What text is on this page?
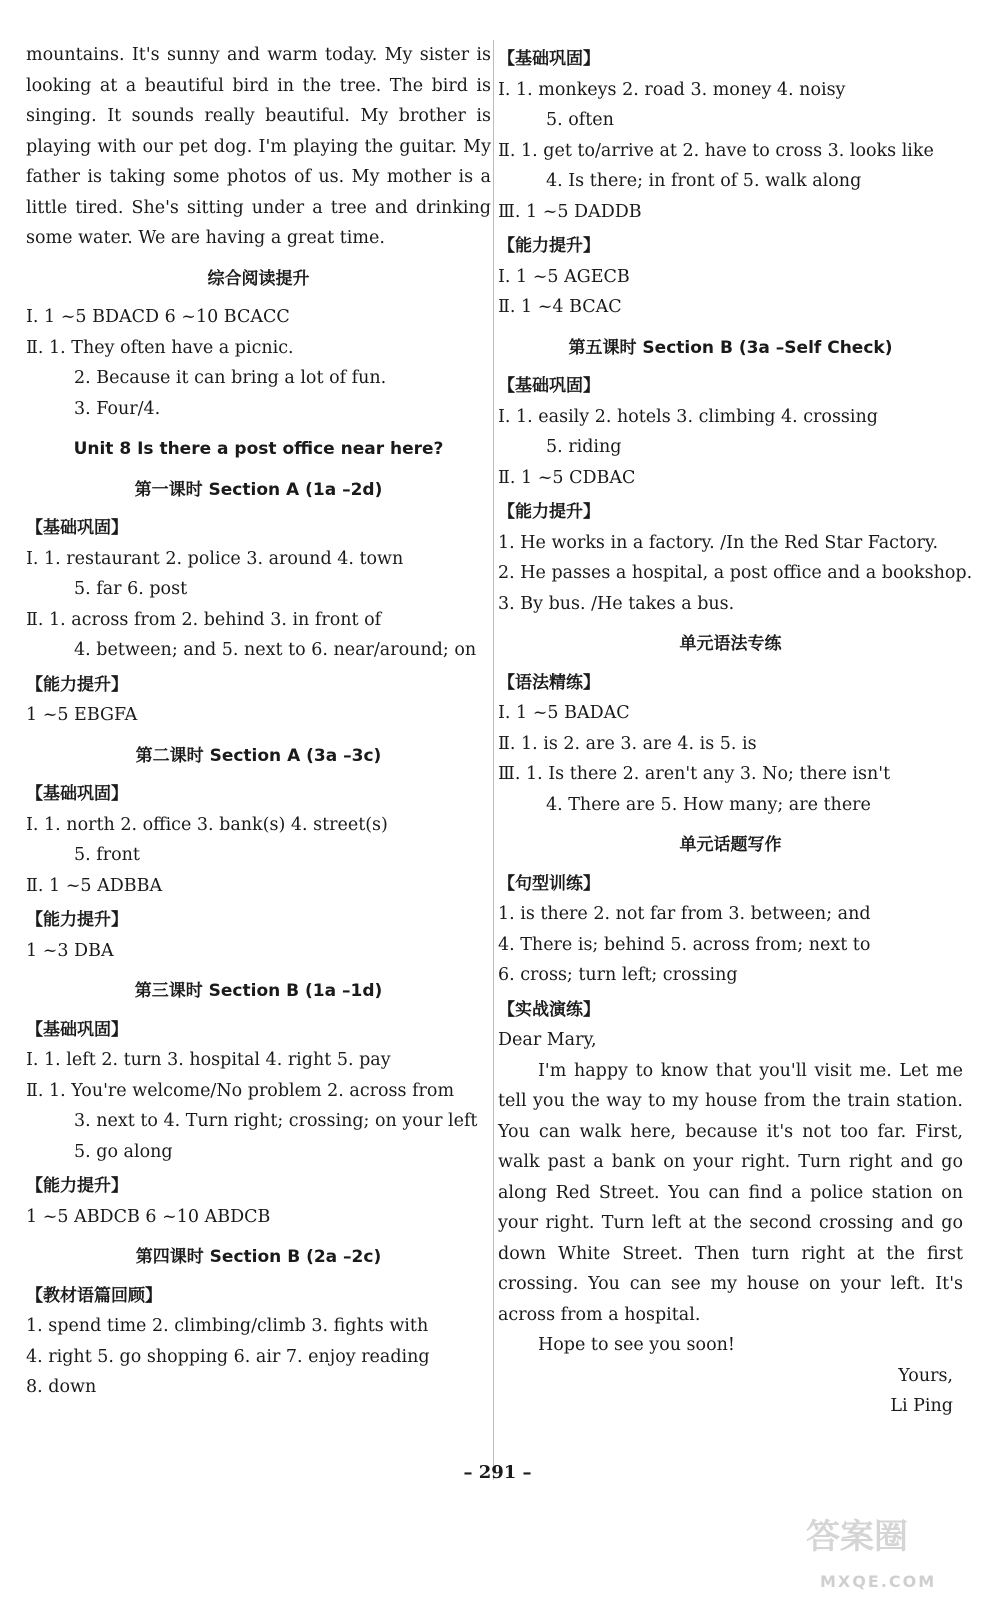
mountains. It's sunny and warm today. My sister is looking at a beautiful bird in the tree. The bird is singing. It sounds really beautiful. My brother is playing with our pet dog. I'm playing the guitar. My father is taking some photos of us. My mother is a little tired. She's sitting under a tree and drinking some water. We are having a great time.

综合阅读提升

Ⅰ. 1 ~5 BDACD 6 ~10 BCACC

Ⅱ. 1. They often have a picnic.

2. Because it can bring a lot of fun.

3. Four/4.

Unit 8 Is there a post office near here?
第一课时 Section A (1a –2d)
【基础巩固】

Ⅰ. 1. restaurant 2. police 3. around 4. town

5. far 6. post

Ⅱ. 1. across from 2. behind 3. in front of

4. between; and 5. next to 6. near/around; on

【能力提升】

1 ~5 EBGFA

第二课时 Section A (3a –3c)
【基础巩固】

Ⅰ. 1. north 2. office 3. bank(s) 4. street(s)

5. front

Ⅱ. 1 ~5 ADBBA

【能力提升】

1 ~3 DBA

第三课时 Section B (1a –1d)
【基础巩固】

Ⅰ. 1. left 2. turn 3. hospital 4. right 5. pay

Ⅱ. 1. You're welcome/No problem 2. across from

3. next to 4. Turn right; crossing; on your left

5. go along

【能力提升】

1 ~5 ABDCB 6 ~10 ABDCB

第四课时 Section B (2a –2c)
【教材语篇回顾】

1. spend time 2. climbing/climb 3. fights with

4. right 5. go shopping 6. air 7. enjoy reading

8. down

【基础巩固】

Ⅰ. 1. monkeys 2. road 3. money 4. noisy

5. often

Ⅱ. 1. get to/arrive at 2. have to cross 3. looks like

4. Is there; in front of 5. walk along

Ⅲ. 1 ~5 DADDB

【能力提升】

Ⅰ. 1 ~5 AGECB

Ⅱ. 1 ~4 BCAC

第五课时 Section B (3a –Self Check)
【基础巩固】

Ⅰ. 1. easily 2. hotels 3. climbing 4. crossing

5. riding

Ⅱ. 1 ~5 CDBAC

【能力提升】

1. He works in a factory. /In the Red Star Factory.

2. He passes a hospital, a post office and a bookshop.

3. By bus. /He takes a bus.

单元语法专练
【语法精练】

Ⅰ. 1 ~5 BADAC

Ⅱ. 1. is 2. are 3. are 4. is 5. is

Ⅲ. 1. Is there 2. aren't any 3. No; there isn't

4. There are 5. How many; are there

单元话题写作
【句型训练】

1. is there 2. not far from 3. between; and

4. There is; behind 5. across from; next to

6. cross; turn left; crossing

【实战演练】

Dear Mary,

I'm happy to know that you'll visit me. Let me tell you the way to my house from the train station. You can walk here, because it's not too far. First, walk past a bank on your right. Turn right and go along Red Street. You can find a police station on your right. Turn left at the second crossing and go down White Street. Then turn right at the first crossing. You can see my house on your left. It's across from a hospital.

Hope to see you soon!

Yours,

Li Ping

– 291 –
答案圈
MXQE.COM
